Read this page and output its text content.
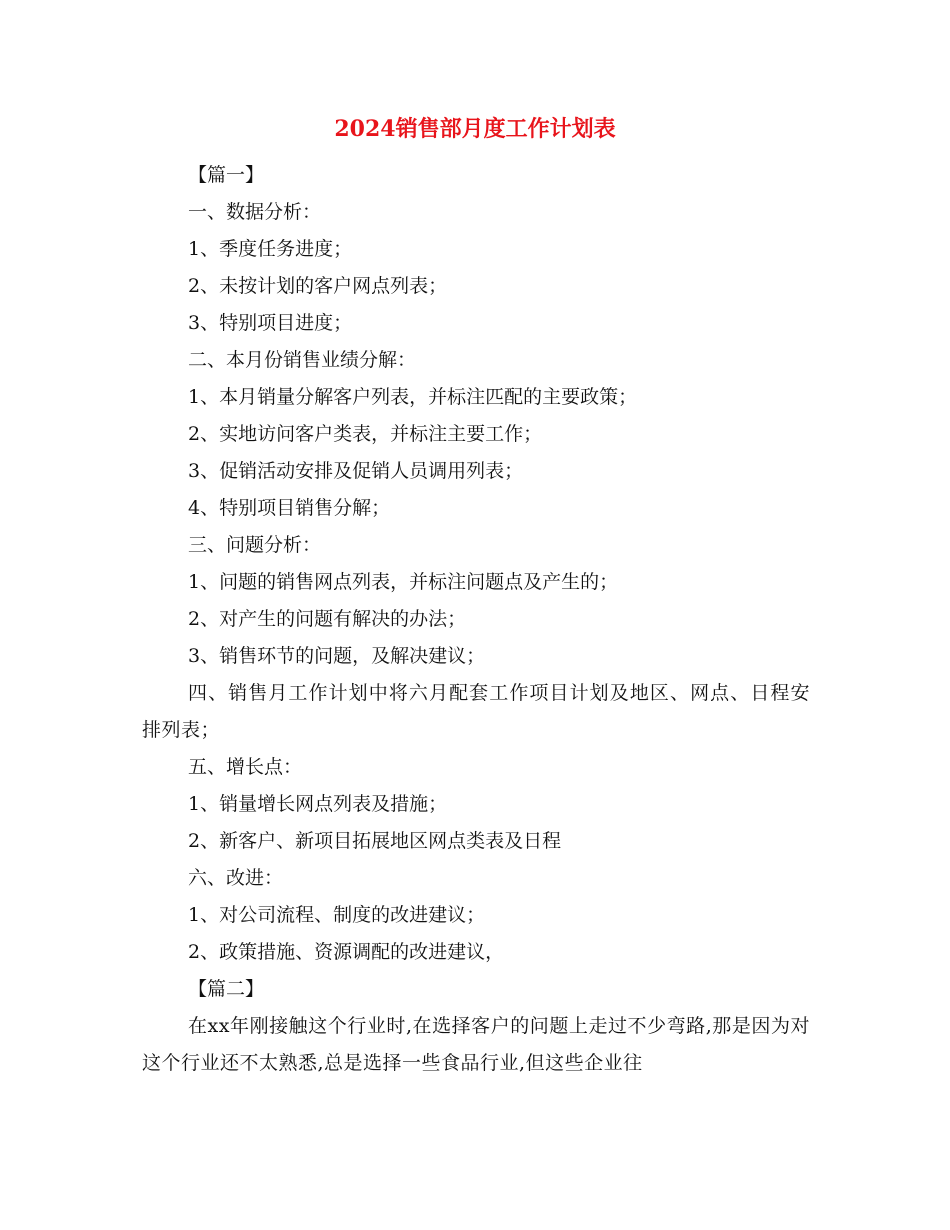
2024销售部月度工作计划表
【篇一】
一、数据分析：
1、季度任务进度；
2、未按计划的客户网点列表；
3、特别项目进度；
二、本月份销售业绩分解：
1、本月销量分解客户列表，并标注匹配的主要政策；
2、实地访问客户类表，并标注主要工作；
3、促销活动安排及促销人员调用列表；
4、特别项目销售分解；
三、问题分析：
1、问题的销售网点列表，并标注问题点及产生的；
2、对产生的问题有解决的办法；
3、销售环节的问题，及解决建议；
四、销售月工作计划中将六月配套工作项目计划及地区、网点、日程安排列表；
五、增长点：
1、销量增长网点列表及措施；
2、新客户、新项目拓展地区网点类表及日程
六、改进：
1、对公司流程、制度的改进建议；
2、政策措施、资源调配的改进建议，
【篇二】
在xx年刚接触这个行业时,在选择客户的问题上走过不少弯路,那是因为对这个行业还不太熟悉,总是选择一些食品行业,但这些企业往
